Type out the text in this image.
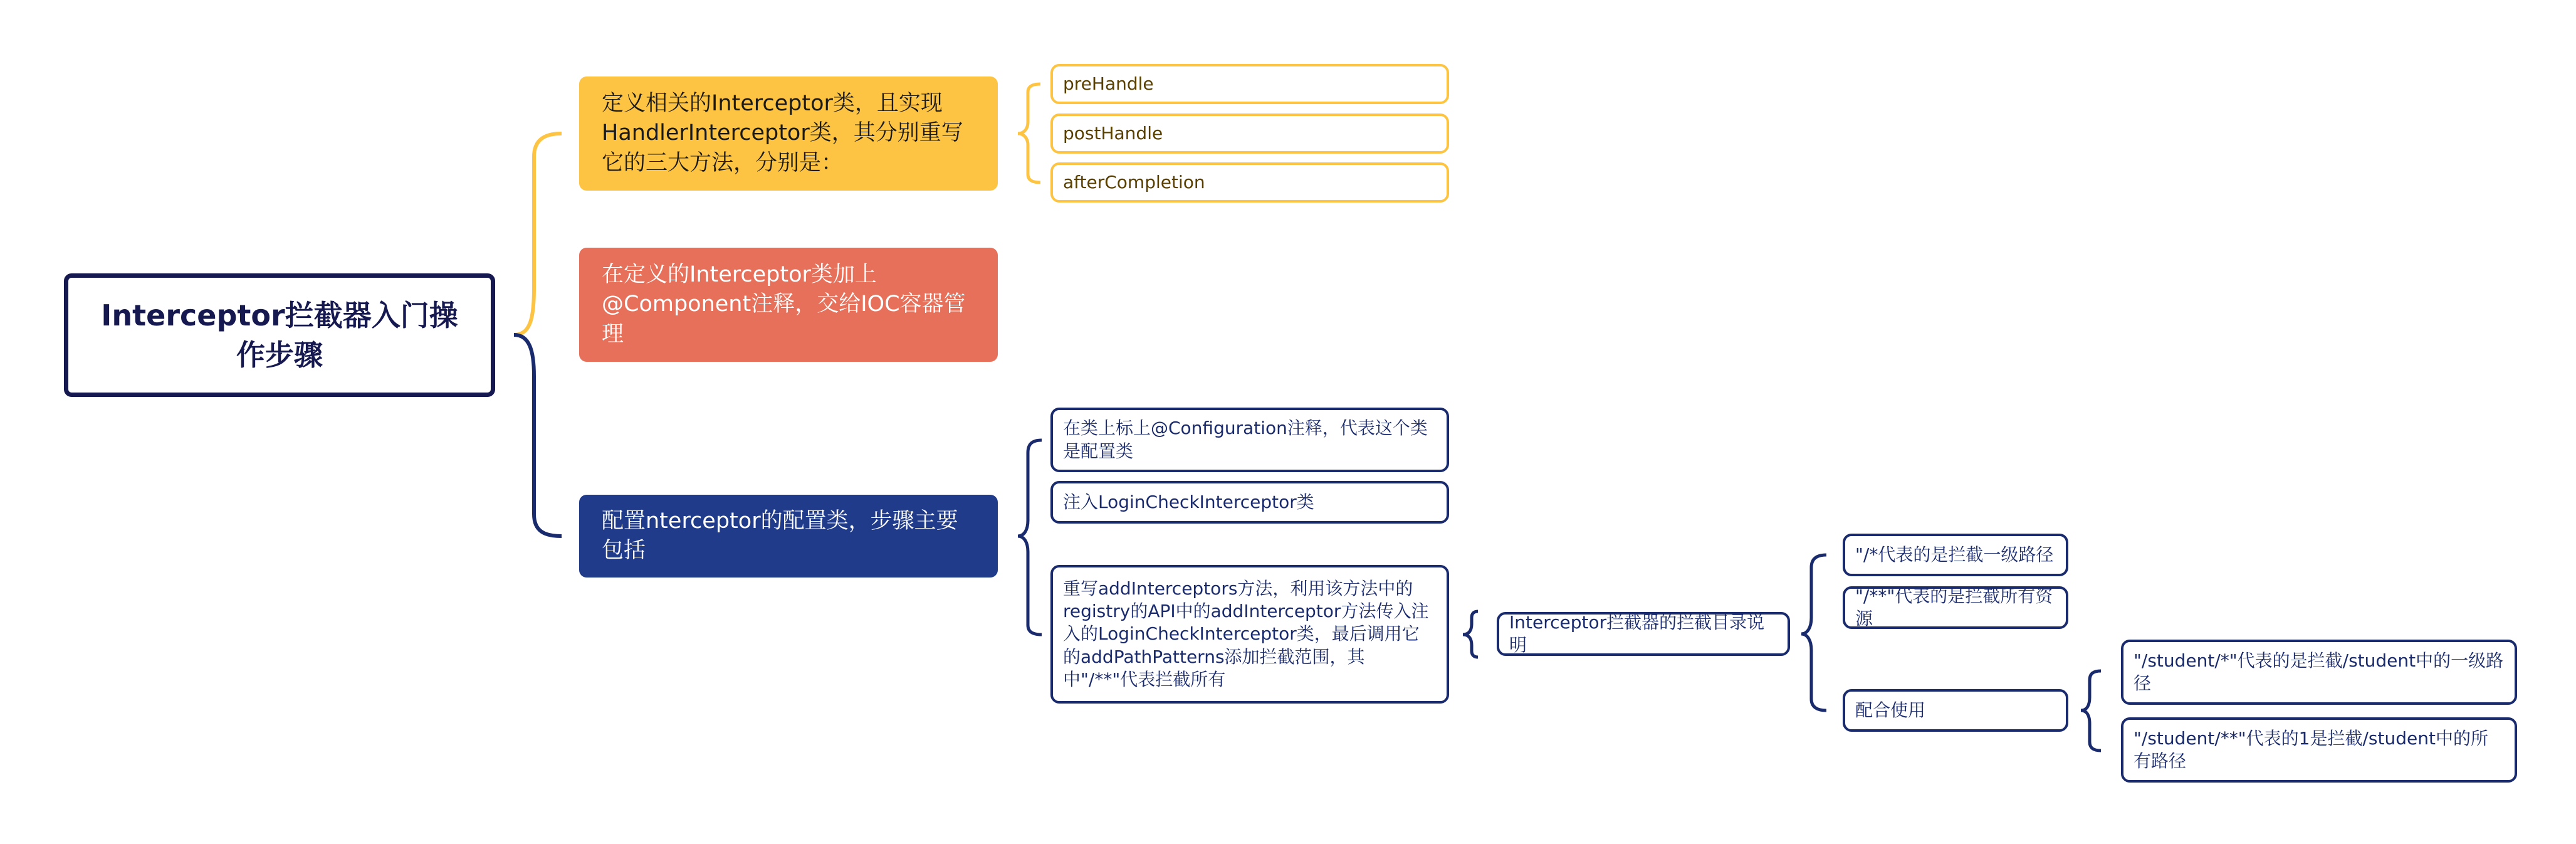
Interceptor拦截器入门操作步骤
定义相关的Interceptor类，且实现HandlerInterceptor类，其分别重写它的三大方法，分别是：
在定义的Interceptor类加上@Component注释，交给IOC容器管理
配置nterceptor的配置类，步骤主要包括
preHandle
postHandle
afterCompletion
在类上标上@Configuration注释，代表这个类是配置类
注入LoginCheckInterceptor类
重写addInterceptors方法，利用该方法中的registry的API中的addInterceptor方法传入注入的LoginCheckInterceptor类，最后调用它的addPathPatterns添加拦截范围，其中"/**"代表拦截所有
Interceptor拦截器的拦截目录说明
"/*代表的是拦截一级路径
"/**"代表的是拦截所有资源
配合使用
"/student/*"代表的是拦截/student中的一级路径
"/student/**"代表的1是拦截/student中的所有路径
